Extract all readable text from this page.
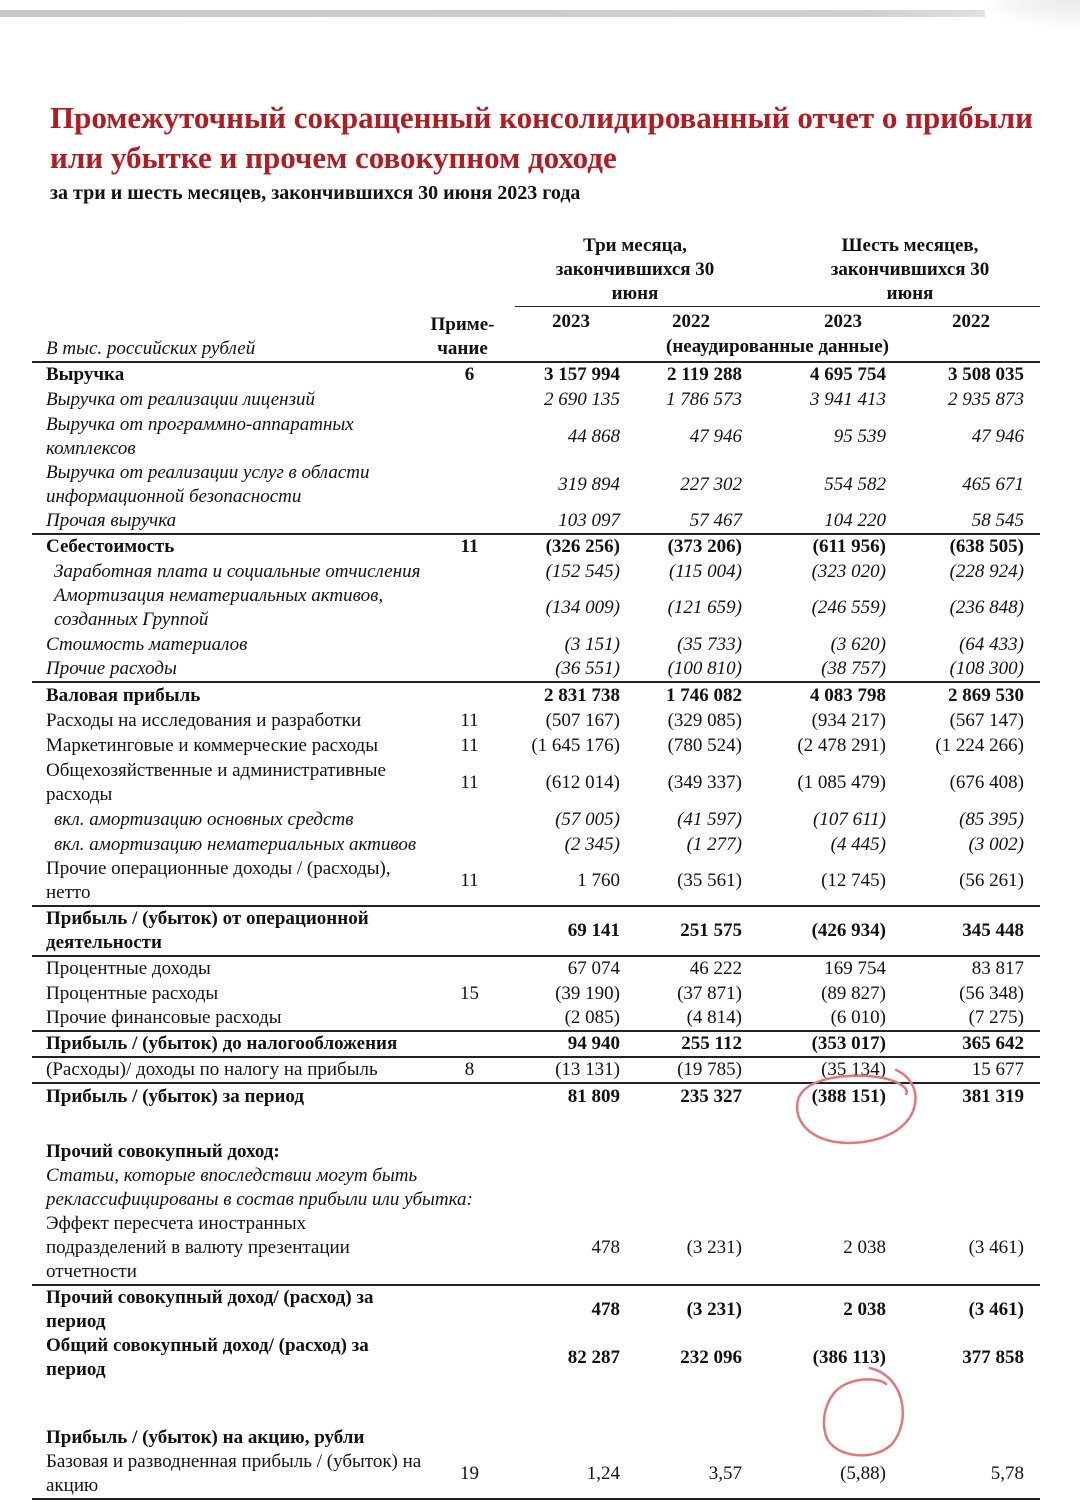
Промежуточный сокращенный консолидированный отчет о прибыли или убытке и прочем совокупном доходе

за три и шесть месяцев, закончившихся 30 июня 2023 года

Три месяца,
закончившихся 30
июня
Шесть месяцев,
закончившихся 30
июня
Приме-
чание
2023	2022	2023	2022
В тыс. российских рублей	(неаудированные данные)
Выручка	6	3 157 994	2 119 288	4 695 754	3 508 035
Выручка от реализации лицензий		2 690 135	1 786 573	3 941 413	2 935 873
Выручка от программно-аппаратных комплексов		44 868	47 946	95 539	47 946
Выручка от реализации услуг в области информационной безопасности		319 894	227 302	554 582	465 671
Прочая выручка		103 097	57 467	104 220	58 545
Себестоимость	11	(326 256)	(373 206)	(611 956)	(638 505)
Заработная плата и социальные отчисления		(152 545)	(115 004)	(323 020)	(228 924)
Амортизация нематериальных активов, созданных Группой		(134 009)	(121 659)	(246 559)	(236 848)
Стоимость материалов		(3 151)	(35 733)	(3 620)	(64 433)
Прочие расходы		(36 551)	(100 810)	(38 757)	(108 300)
Валовая прибыль		2 831 738	1 746 082	4 083 798	2 869 530
Расходы на исследования и разработки	11	(507 167)	(329 085)	(934 217)	(567 147)
Маркетинговые и коммерческие расходы	11	(1 645 176)	(780 524)	(2 478 291)	(1 224 266)
Общехозяйственные и административные расходы	11	(612 014)	(349 337)	(1 085 479)	(676 408)
вкл. амортизацию основных средств		(57 005)	(41 597)	(107 611)	(85 395)
вкл. амортизацию нематериальных активов		(2 345)	(1 277)	(4 445)	(3 002)
Прочие операционные доходы / (расходы), нетто	11	1 760	(35 561)	(12 745)	(56 261)
Прибыль / (убыток) от операционной деятельности		69 141	251 575	(426 934)	345 448
Процентные доходы		67 074	46 222	169 754	83 817
Процентные расходы	15	(39 190)	(37 871)	(89 827)	(56 348)
Прочие финансовые расходы		(2 085)	(4 814)	(6 010)	(7 275)
Прибыль / (убыток) до налогообложения		94 940	255 112	(353 017)	365 642
(Расходы)/ доходы по налогу на прибыль	8	(13 131)	(19 785)	(35 134)	15 677
Прибыль / (убыток) за период		81 809	235 327	(388 151)	381 319

Прочий совокупный доход:					
Статьи, которые впоследствии могут быть реклассифицированы в состав прибыли или убытка:					
Эффект пересчета иностранных подразделений в валюту презентации отчетности		478	(3 231)	2 038	(3 461)
Прочий совокупный доход/ (расход) за период		478	(3 231)	2 038	(3 461)
Общий совокупный доход/ (расход) за период		82 287	232 096	(386 113)	377 858

Прибыль / (убыток) на акцию, рубли					
Базовая и разводненная прибыль / (убыток) на акцию	19	1,24	3,57	(5,88)	5,78
